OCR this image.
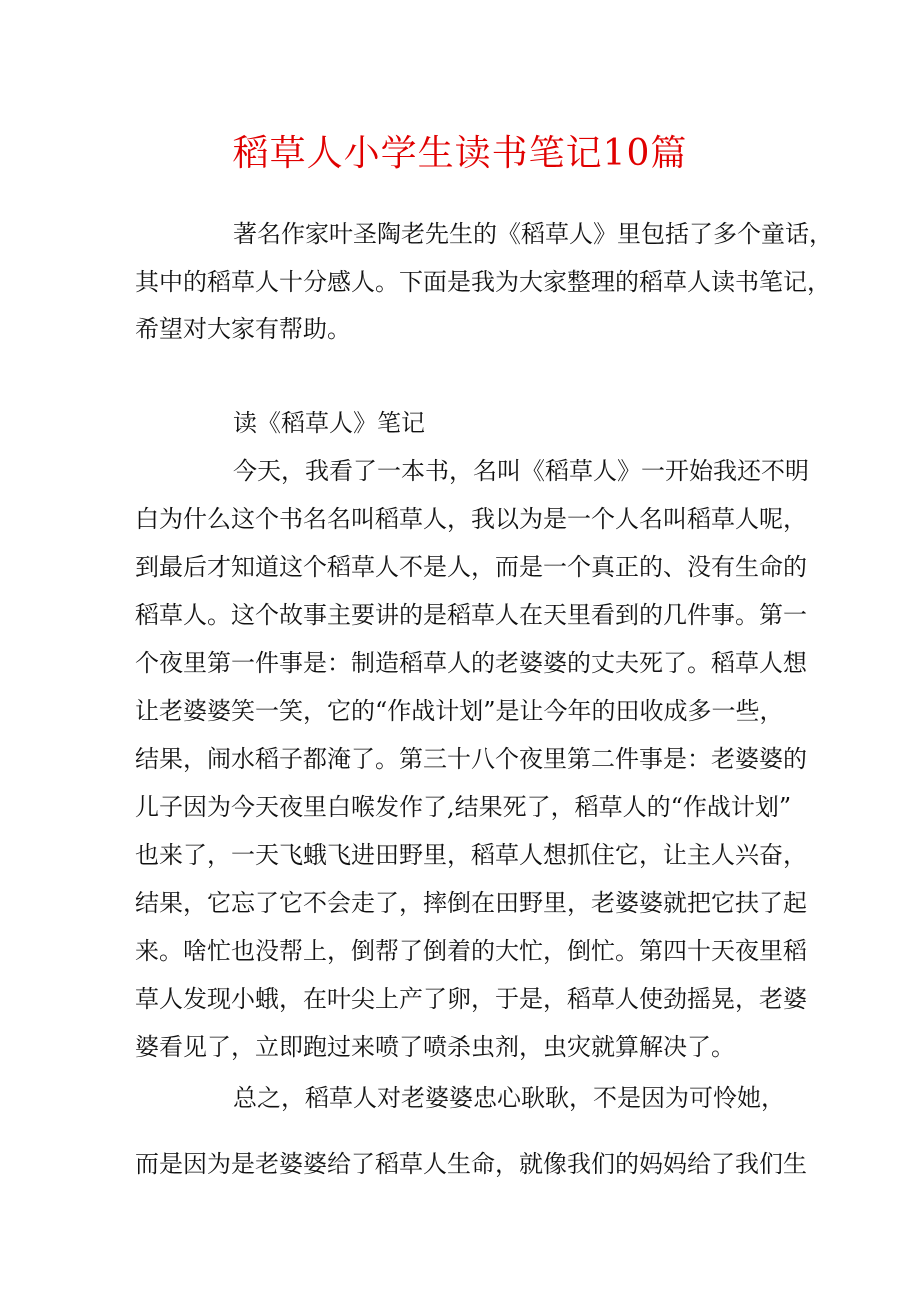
稻草人小学生读书笔记10篇
著名作家叶圣陶老先生的《稻草人》里包括了多个童话，
其中的稻草人十分感人。下面是我为大家整理的稻草人读书笔记，
希望对大家有帮助。
读《稻草人》笔记
今天，我看了一本书，名叫《稻草人》一开始我还不明
白为什么这个书名名叫稻草人，我以为是一个人名叫稻草人呢，
到最后才知道这个稻草人不是人，而是一个真正的、没有生命的
稻草人。这个故事主要讲的是稻草人在天里看到的几件事。第一
个夜里第一件事是：制造稻草人的老婆婆的丈夫死了。稻草人想
让老婆婆笑一笑，它的“作战计划”是让今年的田收成多一些，
结果，闹水稻子都淹了。第三十八个夜里第二件事是：老婆婆的
儿子因为今天夜里白喉发作了,结果死了，稻草人的“作战计划”
也来了，一天飞蛾飞进田野里，稻草人想抓住它，让主人兴奋，
结果，它忘了它不会走了，摔倒在田野里，老婆婆就把它扶了起
来。啥忙也没帮上，倒帮了倒着的大忙，倒忙。第四十天夜里稻
草人发现小蛾，在叶尖上产了卵，于是，稻草人使劲摇晃，老婆
婆看见了，立即跑过来喷了喷杀虫剂，虫灾就算解决了。
总之，稻草人对老婆婆忠心耿耿，不是因为可怜她，
而是因为是老婆婆给了稻草人生命，就像我们的妈妈给了我们生
